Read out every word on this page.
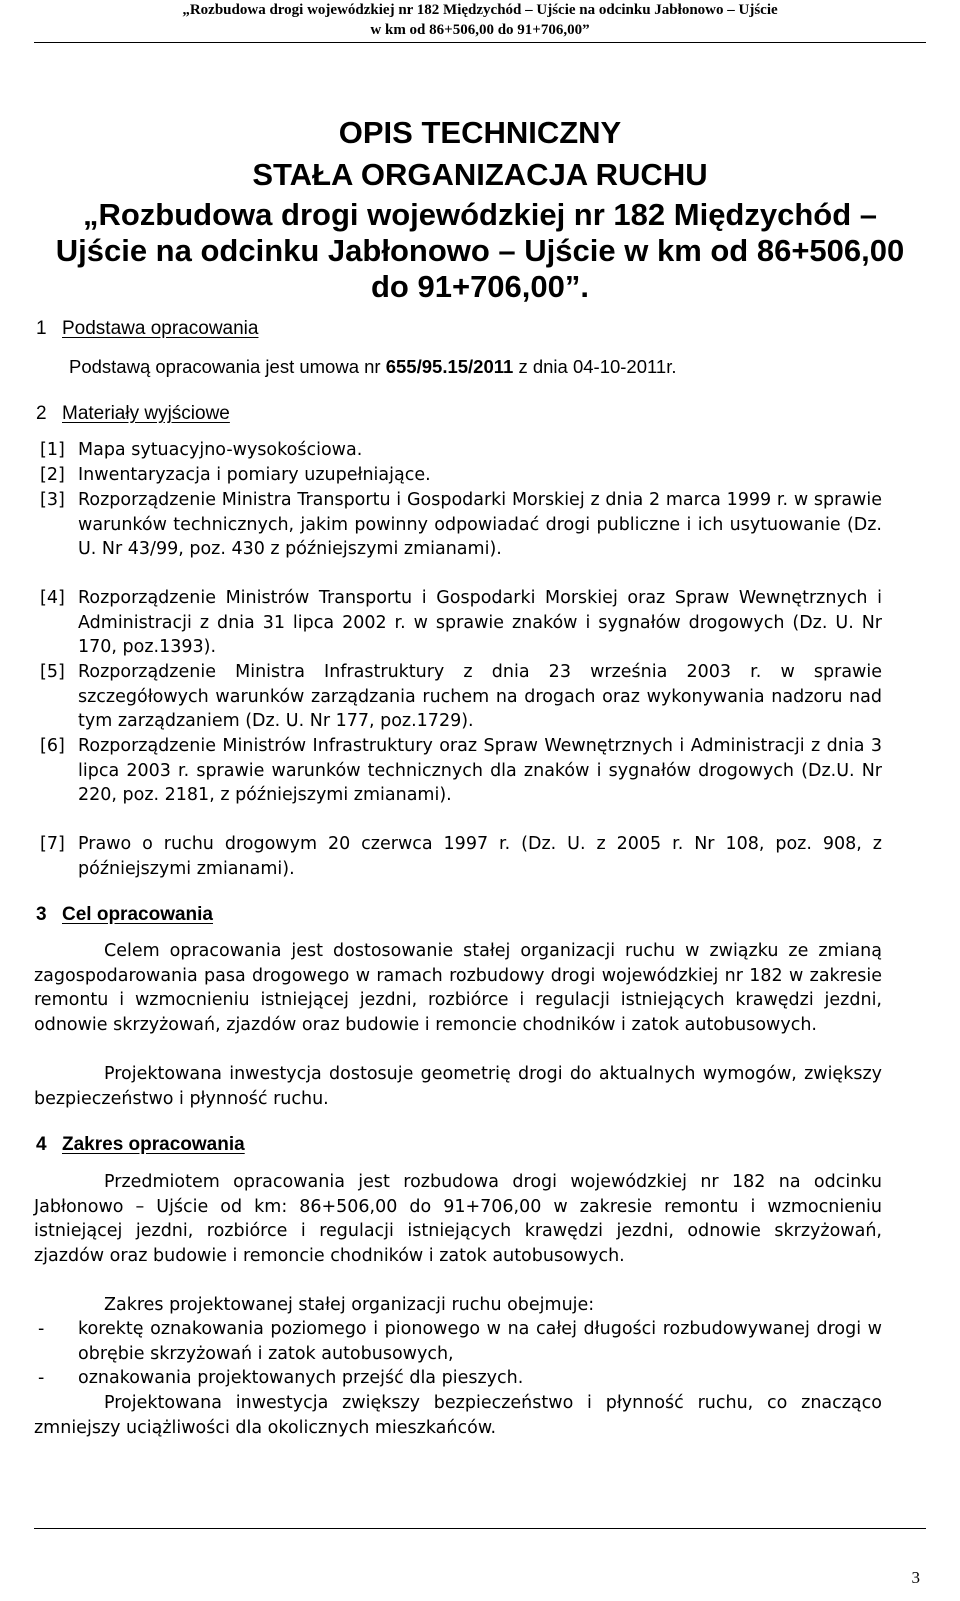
„Rozbudowa drogi wojewódzkiej nr 182 Międzychód – Ujście na odcinku Jabłonowo – Ujście
w km od 86+506,00 do 91+706,00”
OPIS TECHNICZNY
STAŁA ORGANIZACJA RUCHU
„Rozbudowa drogi wojewódzkiej nr 182 Międzychód – Ujście na odcinku Jabłonowo – Ujście w km od 86+506,00 do 91+706,00”.
1 Podstawa opracowania
Podstawą opracowania jest umowa nr 655/95.15/2011 z dnia 04-10-2011r.
2 Materiały wyjściowe
[1] Mapa sytuacyjno-wysokościowa.
[2] Inwentaryzacja i pomiary uzupełniające.
[3] Rozporządzenie Ministra Transportu i Gospodarki Morskiej z dnia 2 marca 1999 r. w sprawie warunków technicznych, jakim powinny odpowiadać drogi publiczne i ich usytuowanie (Dz. U. Nr 43/99, poz. 430 z późniejszymi zmianami).
[4] Rozporządzenie Ministrów Transportu i Gospodarki Morskiej oraz Spraw Wewnętrznych i Administracji z dnia 31 lipca 2002 r. w sprawie znaków i sygnałów drogowych (Dz. U. Nr 170, poz.1393).
[5] Rozporządzenie Ministra Infrastruktury z dnia 23 września 2003 r. w sprawie szczegółowych warunków zarządzania ruchem na drogach oraz wykonywania nadzoru nad tym zarządzaniem (Dz. U. Nr 177, poz.1729).
[6] Rozporządzenie Ministrów Infrastruktury oraz Spraw Wewnętrznych i Administracji z dnia 3 lipca 2003 r. sprawie warunków technicznych dla znaków i sygnałów drogowych (Dz.U. Nr 220, poz. 2181, z późniejszymi zmianami).
[7] Prawo o ruchu drogowym 20 czerwca 1997 r. (Dz. U. z 2005 r. Nr 108, poz. 908, z późniejszymi zmianami).
3 Cel opracowania
Celem opracowania jest dostosowanie stałej organizacji ruchu w związku ze zmianą zagospodarowania pasa drogowego w ramach rozbudowy drogi wojewódzkiej nr 182 w zakresie remontu i wzmocnieniu istniejącej jezdni, rozbiórce i regulacji istniejących krawędzi jezdni, odnowie skrzyżowań, zjazdów oraz budowie i remoncie chodników i zatok autobusowych.
Projektowana inwestycja dostosuje geometrię drogi do aktualnych wymogów, zwiększy bezpieczeństwo i płynność ruchu.
4 Zakres opracowania
Przedmiotem opracowania jest rozbudowa drogi wojewódzkiej nr 182 na odcinku Jabłonowo – Ujście od km: 86+506,00 do 91+706,00 w zakresie remontu i wzmocnieniu istniejącej jezdni, rozbiórce i regulacji istniejących krawędzi jezdni, odnowie skrzyżowań, zjazdów oraz budowie i remoncie chodników i zatok autobusowych.
Zakres projektowanej stałej organizacji ruchu obejmuje:
- korektę oznakowania poziomego i pionowego w na całej długości rozbudowywanej drogi w obrębie skrzyżowań i zatok autobusowych,
- oznakowania projektowanych przejść dla pieszych.
Projektowana inwestycja zwiększy bezpieczeństwo i płynność ruchu, co znacząco zmniejszy uciążliwości dla okolicznych mieszkańców.
3
